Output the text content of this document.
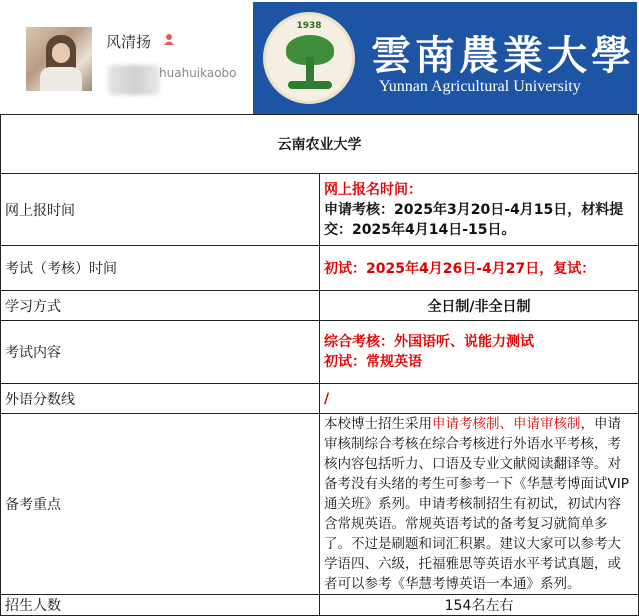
风清扬
huahuikaobo
1938
雲南農業大學
Yunnan Agricultural University
云南农业大学	
网上报时间	网上报名时间：
申请考核：2025年3月20日-4月15日，材料提交：2025年4月14日-15日。

考试（考核）时间	初试：2025年4月26日-4月27日，复试：
学习方式	全日制/非全日制
考试内容	综合考核：外国语听、说能力测试
初试：常规英语

外语分数线	/
备考重点	本校博士招生采用申请考核制、申请审核制，申请审核制综合考核在综合考核进行外语水平考核，考核内容包括听力、口语及专业文献阅读翻译等。对备考没有头绪的考生可参考一下《华慧考博面试VIP通关班》系列。申请考核制招生有初试，初试内容含常规英语。常规英语考试的备考复习就简单多了。不过是刷题和词汇积累。建议大家可以参考大学语四、六级，托福雅思等英语水平考试真题，或者可以参考《华慧考博英语一本通》系列。
招生人数	154名左右
